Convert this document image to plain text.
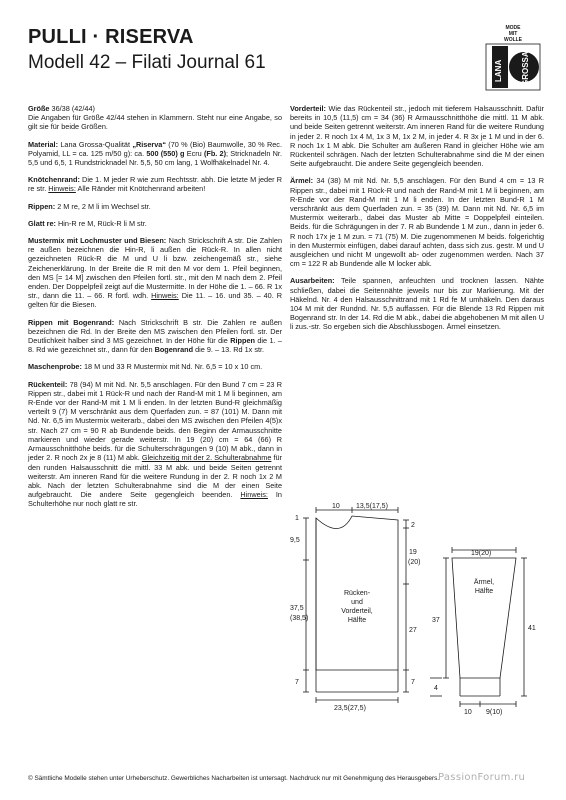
PULLI · RISERVA
Modell 42 – Filati Journal 61
MODE
MIT
WOLLE
LANA GROSSA

Größe 36/38 (42/44)
Die Angaben für Größe 42/44 stehen in Klammern. Steht nur eine Angabe, so gilt sie für beide Größen.

Material: Lana Grossa-Qualität „Riserva“ (70 % (Bio) Baumwolle, 30 % Rec. Polyamid, LL = ca. 125 m/50 g): ca. 500 (550) g Ecru (Fb. 2); Stricknadeln Nr. 5,5 und 6,5, 1 Rundstricknadel Nr. 5,5, 50 cm lang, 1 Wolfhäkelnadel Nr. 4.

Knötchenrand: Die 1. M jeder R wie zum Rechtsstr. abh. Die letzte M jeder R re str. Hinweis: Alle Ränder mit Knötchenrand arbeiten!

Rippen: 2 M re, 2 M li im Wechsel str.

Glatt re: Hin-R re M, Rück-R li M str.

Mustermix mit Lochmuster und Biesen: Nach Strickschrift A str. Die Zahlen re außen bezeichnen die Hin-R, li außen die Rück-R. In allen nicht gezeichneten Rück-R die M und U li bzw. zeichengemäß str., siehe Zeichenerklärung. In der Breite die R mit den M vor dem 1. Pfeil beginnen, den MS [= 14 M] zwischen den Pfeilen fortl. str., mit den M nach dem 2. Pfeil enden. Der Doppelpfeil zeigt auf die Mustermitte. In der Höhe die 1. – 66. R 1x str., dann die 11. – 66. R fortl. wdh. Hinweis: Die 11. – 16. und 35. – 40. R gelten für die Biesen.

Rippen mit Bogenrand: Nach Strickschrift B str. Die Zahlen re außen bezeichnen die Rd. In der Breite den MS zwischen den Pfeilen fortl. str. Der Deutlichkeit halber sind 3 MS gezeichnet. In der Höhe für die Rippen die 1. – 8. Rd wie gezeichnet str., dann für den Bogenrand die 9. – 13. Rd 1x str.

Maschenprobe: 18 M und 33 R Mustermix mit Nd. Nr. 6,5 = 10 x 10 cm.

Rückenteil: 78 (94) M mit Nd. Nr. 5,5 anschlagen. Für den Bund 7 cm = 23 R Rippen str., dabei mit 1 Rück-R und nach der Rand-M mit 1 M li beginnen, am R-Ende vor der Rand-M mit 1 M li enden. In der letzten Bund-R gleichmäßig verteilt 9 (7) M verschränkt aus dem Querfaden zun. = 87 (101) M. Dann mit Nd. Nr. 6,5 im Mustermix weiterarb., dabei den MS zwischen den Pfeilen 4(5)x str. Nach 27 cm = 90 R ab Bundende beids. den Beginn der Armausschnitte markieren und wieder gerade weiterstr. In 19 (20) cm = 64 (66) R Armausschnitthöhe beids. für die Schulterschrägungen 9 (10) M abk., dann in jeder 2. R noch 2x je 8 (11) M abk. Gleichzeitig mit der 2. Schulterabnahme für den runden Halsausschnitt die mittl. 33 M abk. und beide Seiten getrennt weiterstr. Am inneren Rand für die weitere Rundung in der 2. R noch 1x 2 M abk. Nach der letzten Schulterabnahme sind die M der einen Seite aufgebraucht. Die andere Seite gegengleich beenden. Hinweis: In Schulterhöhe nur noch glatt re str.

Vorderteil: Wie das Rückenteil str., jedoch mit tieferem Halsausschnitt. Dafür bereits in 10,5 (11,5) cm = 34 (36) R Armausschnitthöhe die mittl. 11 M abk. und beide Seiten getrennt weiterstr. Am inneren Rand für die weitere Rundung in jeder 2. R noch 1x 4 M, 1x 3 M, 1x 2 M, in jeder 4. R 3x je 1 M und in der 6. R noch 1x 1 M abk. Die Schulter am äußeren Rand in gleicher Höhe wie am Rückenteil schrägen. Nach der letzten Schulterabnahme sind die M der einen Seite aufgebraucht. Die andere Seite gegengleich beenden.

Ärmel: 34 (38) M mit Nd. Nr. 5,5 anschlagen. Für den Bund 4 cm = 13 R Rippen str., dabei mit 1 Rück-R und nach der Rand-M mit 1 M li beginnen, am R-Ende vor der Rand-M mit 1 M li enden. In der letzten Bund-R 1 M verschränkt aus dem Querfaden zun. = 35 (39) M. Dann mit Nd. Nr. 6,5 im Mustermix weiterarb., dabei das Muster ab Mitte = Doppelpfeil einteilen. Beids. für die Schrägungen in der 7. R ab Bundende 1 M zun., dann in jeder 6. R noch 17x je 1 M zun. = 71 (75) M. Die zugenommenen M beids. folgerichtig in den Mustermix einfügen, dabei darauf achten, dass sich zus. gestr. M und U ausgleichen und nicht M ungewollt ab- oder zugenommen werden. Nach 37 cm = 122 R ab Bundende alle M locker abk.

Ausarbeiten: Teile spannen, anfeuchten und trocknen lassen. Nähte schließen, dabei die Seitennähte jeweils nur bis zur Markierung. Mit der Häkelnd. Nr. 4 den Halsausschnittrand mit 1 Rd fe M umhäkeln. Den daraus 104 M mit der Rundnd. Nr. 5,5 auffassen. Für die Blende 13 Rd Rippen mit Bogenrand str. In der 14. Rd die M abk., dabei die abgehobenen M mit allen U li zus.-str. So ergeben sich die Abschlussbogen. Ärmel einsetzen.

1
9,5
10 13,5(17,5)
2
19
(20)
37,5
(38,5)
27
7	7
23,5(27,5)
Rücken-
und
Vorderteil,
Hälfte
19(20)
Ärmel,
Hälfte
37
41
4
10 9(10)
© Sämtliche Modelle stehen unter Urheberschutz. Gewerbliches Nacharbeiten ist untersagt. Nachdruck nur mit Genehmigung des Herausgebers.
PassionForum.ru
